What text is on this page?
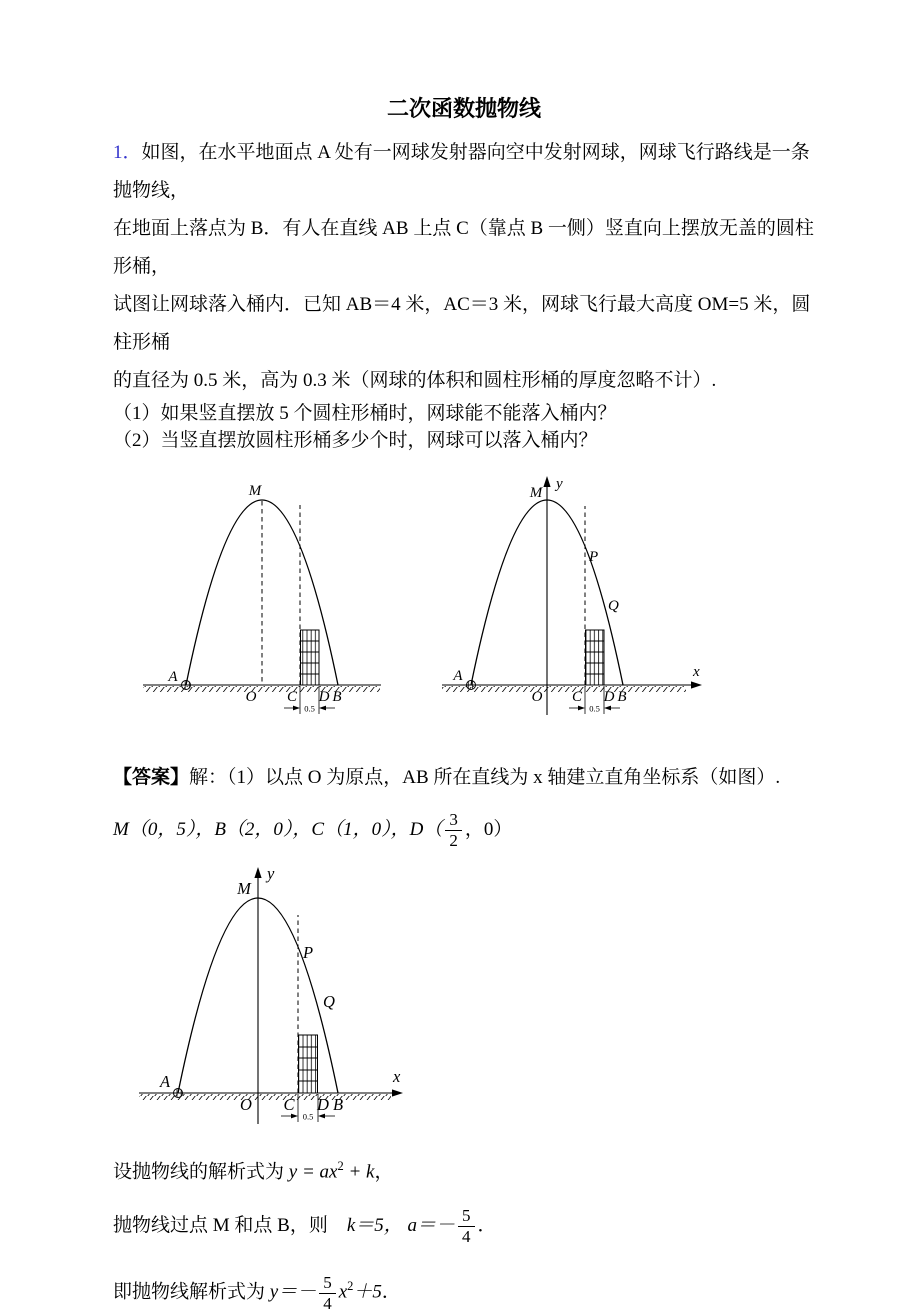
二次函数抛物线
1．如图，在水平地面点 A 处有一网球发射器向空中发射网球，网球飞行路线是一条抛物线，
在地面上落点为 B．有人在直线 AB 上点 C（靠点 B 一侧）竖直向上摆放无盖的圆柱形桶，
试图让网球落入桶内．已知 AB＝4 米，AC＝3 米，网球飞行最大高度 OM=5 米，圆柱形桶
的直径为 0.5 米，高为 0.3 米（网球的体积和圆柱形桶的厚度忽略不计）.
（1）如果竖直摆放 5 个圆柱形桶时，网球能不能落入桶内？
（2）当竖直摆放圆柱形桶多少个时，网球可以落入桶内？
0.5
M
A
O C D B
0.5
M
y
x
A
O C D B
P
Q
【答案】解：（1）以点 O 为原点，AB 所在直线为 x 轴建立直角坐标系（如图）.
M（0，5），B（2，0），C（1，0），$D( \frac{3}{2}$ ，0）
0.5
M
y
x
A
O C D B
P
Q
设抛物线的解析式为 $y = ax^2 + k$，
抛物线过点 M 和点 B，则　k＝5， $a=- \frac{5}{4}$ ．
即抛物线解析式为 $y=- \frac{5}{4} x^2+5$．
